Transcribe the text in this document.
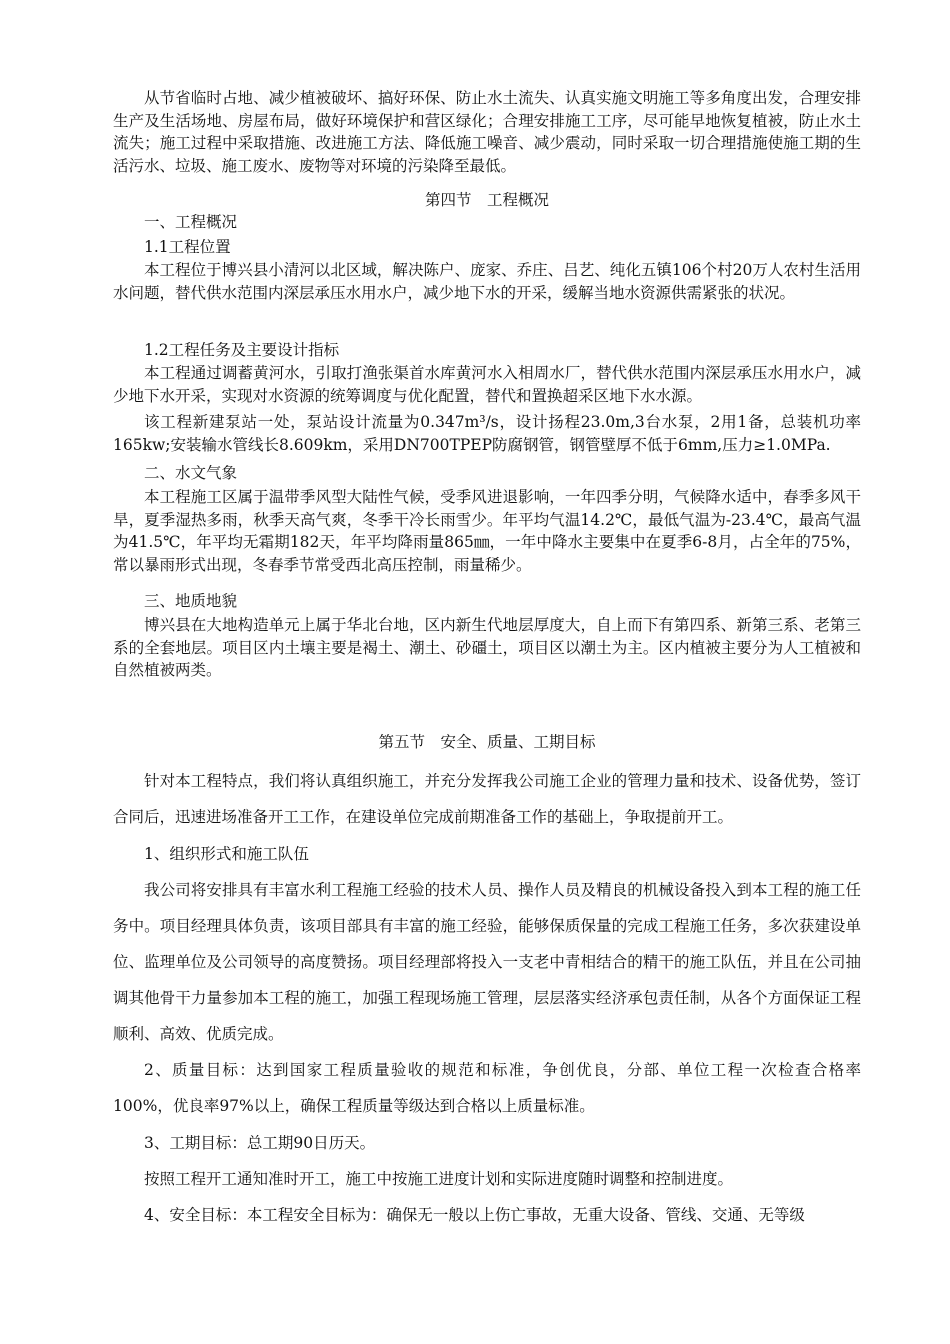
从节省临时占地、减少植被破坏、搞好环保、防止水土流失、认真实施文明施工等多角度出发，合理安排生产及生活场地、房屋布局，做好环境保护和营区绿化；合理安排施工工序，尽可能早地恢复植被，防止水土流失；施工过程中采取措施、改进施工方法、降低施工噪音、减少震动，同时采取一切合理措施使施工期的生活污水、垃圾、施工废水、废物等对环境的污染降至最低。

第四节　工程概况

一、工程概况

1.1工程位置

本工程位于博兴县小清河以北区域，解决陈户、庞家、乔庄、吕艺、纯化五镇106个村20万人农村生活用水问题，替代供水范围内深层承压水用水户，减少地下水的开采，缓解当地水资源供需紧张的状况。

1.2工程任务及主要设计指标

本工程通过调蓄黄河水，引取打渔张渠首水库黄河水入相周水厂，替代供水范围内深层承压水用水户，减少地下水开采，实现对水资源的统筹调度与优化配置，替代和置换超采区地下水水源。

该工程新建泵站一处，泵站设计流量为0.347m³/s，设计扬程23.0m,3台水泵，2用1备，总装机功率165kw;安装输水管线长8.609km，采用DN700TPEP防腐钢管，钢管壁厚不低于6mm,压力≥1.0MPa.

二、水文气象

本工程施工区属于温带季风型大陆性气候，受季风进退影响，一年四季分明，气候降水适中，春季多风干旱，夏季湿热多雨，秋季天高气爽，冬季干冷长雨雪少。年平均气温14.2℃，最低气温为-23.4℃，最高气温为41.5℃，年平均无霜期182天，年平均降雨量865㎜，一年中降水主要集中在夏季6-8月，占全年的75%，常以暴雨形式出现，冬春季节常受西北高压控制，雨量稀少。

三、地质地貌

博兴县在大地构造单元上属于华北台地，区内新生代地层厚度大，自上而下有第四系、新第三系、老第三系的全套地层。项目区内土壤主要是褐土、潮土、砂礓土，项目区以潮土为主。区内植被主要分为人工植被和自然植被两类。

第五节　安全、质量、工期目标

针对本工程特点，我们将认真组织施工，并充分发挥我公司施工企业的管理力量和技术、设备优势，签订合同后，迅速进场准备开工工作，在建设单位完成前期准备工作的基础上，争取提前开工。

1、组织形式和施工队伍

我公司将安排具有丰富水利工程施工经验的技术人员、操作人员及精良的机械设备投入到本工程的施工任务中。项目经理具体负责，该项目部具有丰富的施工经验，能够保质保量的完成工程施工任务，多次获建设单位、监理单位及公司领导的高度赞扬。项目经理部将投入一支老中青相结合的精干的施工队伍，并且在公司抽调其他骨干力量参加本工程的施工，加强工程现场施工管理，层层落实经济承包责任制，从各个方面保证工程顺利、高效、优质完成。

2、质量目标：达到国家工程质量验收的规范和标准，争创优良，分部、单位工程一次检查合格率100%，优良率97%以上，确保工程质量等级达到合格以上质量标准。

3、工期目标：总工期90日历天。

按照工程开工通知准时开工，施工中按施工进度计划和实际进度随时调整和控制进度。

4、安全目标：本工程安全目标为：确保无一般以上伤亡事故，无重大设备、管线、交通、无等级
